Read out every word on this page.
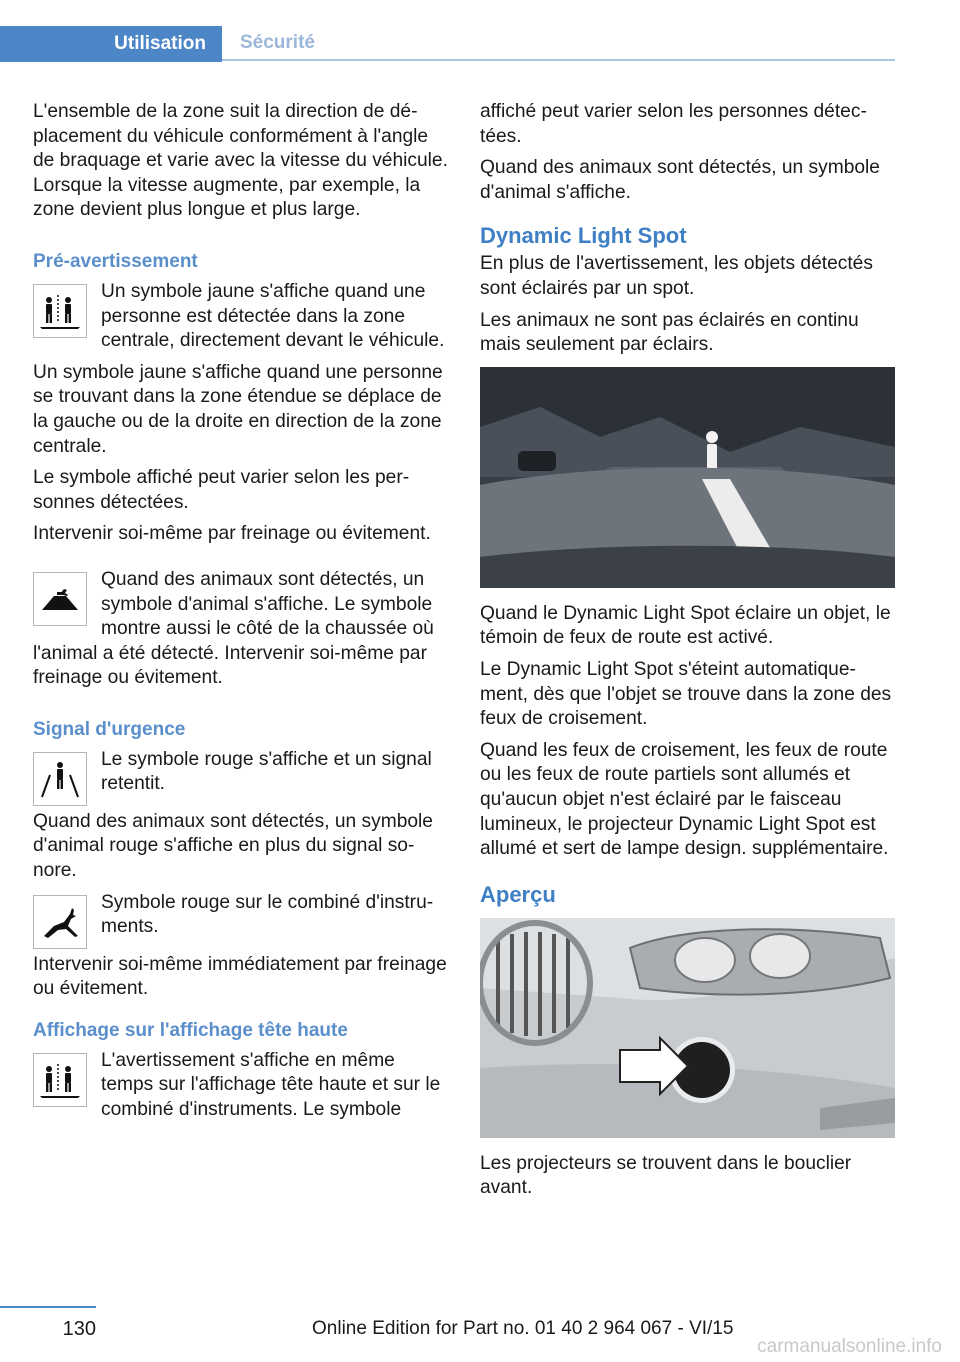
Utilisation	Sécurité

L'ensemble de la zone suit la direction de déplacement du véhicule conformément à l'angle de braquage et varie avec la vitesse du véhicule. Lorsque la vitesse augmente, par exemple, la zone devient plus longue et plus large.

Pré-avertissement

Un symbole jaune s'affiche quand une personne est détectée dans la zone centrale, directement devant le véhicule.

Un symbole jaune s'affiche quand une personne se trouvant dans la zone étendue se déplace de la gauche ou de la droite en direction de la zone centrale.

Le symbole affiché peut varier selon les personnes détectées.

Intervenir soi-même par freinage ou évitement.

Quand des animaux sont détectés, un symbole d'animal s'affiche. Le symbole montre aussi le côté de la chaussée où l'animal a été détecté. Intervenir soi-même par freinage ou évitement.

Signal d'urgence

Le symbole rouge s'affiche et un signal retentit.

Quand des animaux sont détectés, un symbole d'animal rouge s'affiche en plus du signal sonore.

Symbole rouge sur le combiné d'instruments.

Intervenir soi-même immédiatement par freinage ou évitement.

Affichage sur l'affichage tête haute

L'avertissement s'affiche en même temps sur l'affichage tête haute et sur le combiné d'instruments. Le symbole

affiché peut varier selon les personnes détectées.

Quand des animaux sont détectés, un symbole d'animal s'affiche.

Dynamic Light Spot

En plus de l'avertissement, les objets détectés sont éclairés par un spot.

Les animaux ne sont pas éclairés en continu mais seulement par éclairs.

Quand le Dynamic Light Spot éclaire un objet, le témoin de feux de route est activé.

Le Dynamic Light Spot s'éteint automatiquement, dès que l'objet se trouve dans la zone des feux de croisement.

Quand les feux de croisement, les feux de route ou les feux de route partiels sont allumés et qu'aucun objet n'est éclairé par le faisceau lumineux, le projecteur Dynamic Light Spot est allumé et sert de lampe design. supplémentaire.

Aperçu

Les projecteurs se trouvent dans le bouclier avant.

130	Online Edition for Part no. 01 40 2 964 067 - VI/15
carmanualsonline.info
